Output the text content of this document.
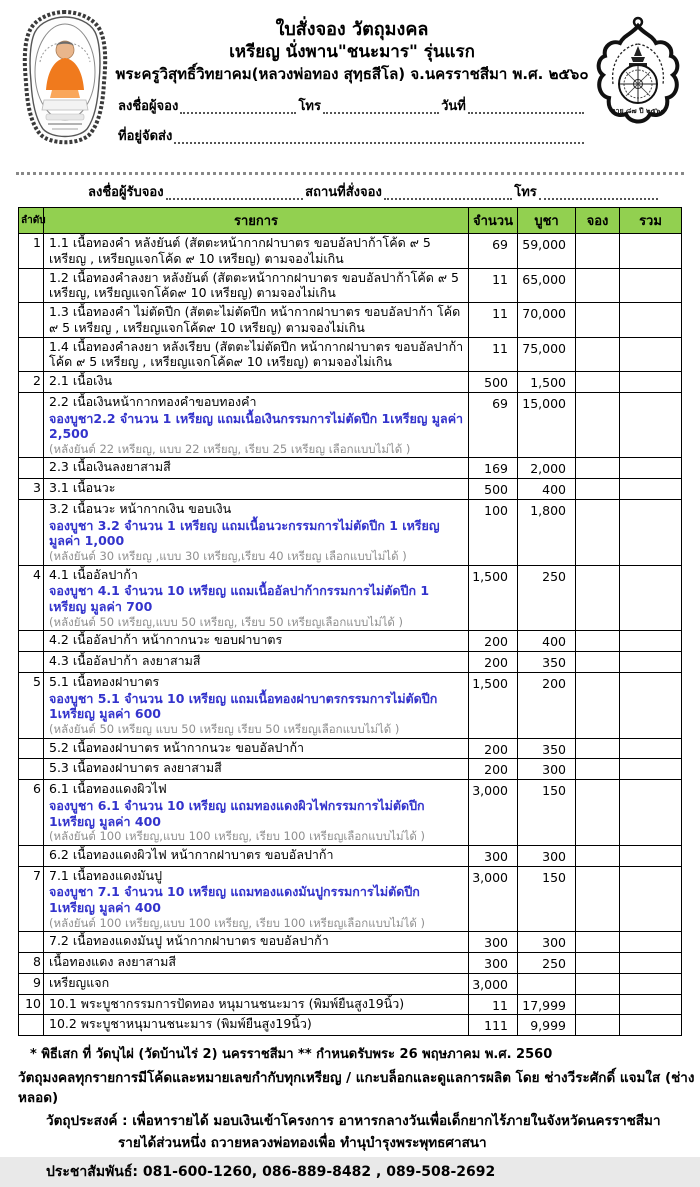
ใบสั่งจอง วัตถุมงคล
เหรียญ นั่งพาน"ชนะมาร" รุ่นแรก
พระครูวิสุทธิ์วิทยาคม(หลวงพ่อทอง สุทฺธสีโล) จ.นครราชสีมา พ.ศ. ๒๕๖๐
ลงชื่อผู้จอง	โทร	วันที่
ที่อยู่จัดส่ง
อายุ ๘๗ ปี ๒๕๖๐
ลงชื่อผู้รับจอง	สถานที่สั่งจอง	โทร
ลำดับ	รายการ	จำนวน	บูชา	จอง	รวม
1	1.1 เนื้อทองคำ หลังยันต์ (สัตตะหน้ากากฝาบาตร ขอบอัลปาก้าโค้ด ๙ 5 เหรียญ , เหรียญแจกโค้ด ๙ 10 เหรียญ) ตามจองไม่เกิน	69	59,000		

	1.2 เนื้อทองคำลงยา หลังยันต์ (สัตตะหน้ากากฝาบาตร ขอบอัลปาก้าโค้ด ๙ 5 เหรียญ, เหรียญแจกโค้ด๙ 10 เหรียญ) ตามจองไม่เกิน	11	65,000		

	1.3 เนื้อทองคำ ไม่ตัดปีก (สัตตะไม่ตัดปีก หน้ากากฝาบาตร ขอบอัลปาก้า โค้ด ๙ 5 เหรียญ , เหรียญแจกโค้ด๙ 10 เหรียญ) ตามจองไม่เกิน	11	70,000		

	1.4 เนื้อทองคำลงยา หลังเรียบ (สัตตะไม่ตัดปีก หน้ากากฝาบาตร ขอบอัลปาก้า โค้ด ๙ 5 เหรียญ , เหรียญแจกโค้ด๙ 10 เหรียญ) ตามจองไม่เกิน	11	75,000		
2	2.1 เนื้อเงิน	500	1,500		

	2.2 เนื้อเงินหน้ากากทองคำขอบทองคำ
จองบูชา2.2 จำนวน 1 เหรียญ แถมเนื้อเงินกรรมการไม่ตัดปีก 1เหรียญ มูลค่า 2,500
(หลังยันต์ 22 เหรียญ, แบบ 22 เหรียญ, เรียบ 25 เหรียญ เลือกแบบไม่ได้ )	69	15,000		

	2.3 เนื้อเงินลงยาสามสี	169	2,000		
3	3.1 เนื้อนวะ	500	400		

	3.2 เนื้อนวะ หน้ากากเงิน ขอบเงิน
จองบูชา 3.2 จำนวน 1 เหรียญ แถมเนื้อนวะกรรมการไม่ตัดปีก 1 เหรียญ มูลค่า 1,000
(หลังยันต์ 30 เหรียญ ,แบบ 30 เหรียญ,เรียบ 40 เหรียญ เลือกแบบไม่ได้ )	100	1,800		
4	4.1 เนื้ออัลปาก้า
จองบูชา 4.1 จำนวน 10 เหรียญ แถมเนื้ออัลปาก้ากรรมการไม่ตัดปีก 1 เหรียญ มูลค่า 700
(หลังยันต์ 50 เหรียญ,แบบ 50 เหรียญ, เรียบ 50 เหรียญเลือกแบบไม่ได้ )	1,500	250		

	4.2 เนื้ออัลปาก้า หน้ากากนวะ ขอบฝาบาตร	200	400		

	4.3 เนื้ออัลปาก้า ลงยาสามสี	200	350		
5	5.1 เนื้อทองฝาบาตร
จองบูชา 5.1 จำนวน 10 เหรียญ แถมเนื้อทองฝาบาตรกรรมการไม่ตัดปีก 1เหรียญ มูลค่า 600
(หลังยันต์ 50 เหรียญ แบบ 50 เหรียญ เรียบ 50 เหรียญเลือกแบบไม่ได้ )	1,500	200		

	5.2 เนื้อทองฝาบาตร หน้ากากนวะ ขอบอัลปาก้า	200	350		

	5.3 เนื้อทองฝาบาตร ลงยาสามสี	200	300		
6	6.1 เนื้อทองแดงผิวไฟ
จองบูชา 6.1 จำนวน 10 เหรียญ แถมทองแดงผิวไฟกรรมการไม่ตัดปีก 1เหรียญ มูลค่า 400
(หลังยันต์ 100 เหรียญ,แบบ 100 เหรียญ, เรียบ 100 เหรียญเลือกแบบไม่ได้ )	3,000	150		

	6.2 เนื้อทองแดงผิวไฟ หน้ากากฝาบาตร ขอบอัลปาก้า	300	300		
7	7.1 เนื้อทองแดงมันปู
จองบูชา 7.1 จำนวน 10 เหรียญ แถมทองแดงมันปูกรรมการไม่ตัดปีก 1เหรียญ มูลค่า 400
(หลังยันต์ 100 เหรียญ,แบบ 100 เหรียญ, เรียบ 100 เหรียญเลือกแบบไม่ได้ )	3,000	150		

	7.2 เนื้อทองแดงมันปู หน้ากากฝาบาตร ขอบอัลปาก้า	300	300		
8	เนื้อทองแดง ลงยาสามสี	300	250		
9	เหรียญแจก	3,000			
10	10.1 พระบูชากรรมการปัดทอง หนุมานชนะมาร (พิมพ์ยืนสูง19นิ้ว)	11	17,999		

	10.2 พระบูชาหนุมานชนะมาร (พิมพ์ยืนสูง19นิ้ว)	111	9,999		
* พิธีเสก ที่ วัดบุไผ่ (วัดบ้านไร่ 2) นครราชสีมา ** กำหนดรับพระ 26 พฤษภาคม พ.ศ. 2560
วัตถุมงคลทุกรายการมีโค้ดและหมายเลขกำกับทุกเหรียญ / แกะบล็อกและดูแลการผลิต โดย ช่างวีระศักดิ์ แจมใส (ช่างหลอด)
วัตถุประสงค์ : เพื่อหารายได้ มอบเงินเข้าโครงการ อาหารกลางวันเพื่อเด็กยากไร้ภายในจังหวัดนครราชสีมา
รายได้ส่วนหนึ่ง ถวายหลวงพ่อทองเพื่อ ทำนุบำรุงพระพุทธศาสนา
ประชาสัมพันธ์: 081-600-1260, 086-889-8482 , 089-508-2692
